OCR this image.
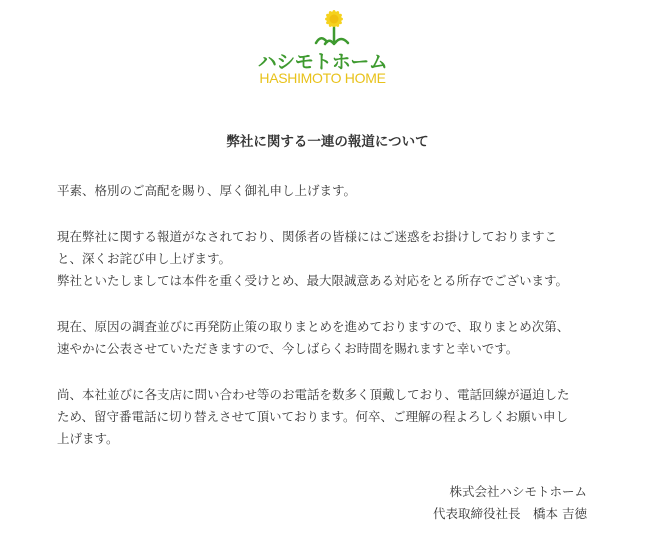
ハシモトホーム
HASHIMOTO HOME
弊社に関する一連の報道について

平素、格別のご高配を賜り、厚く御礼申し上げます。

現在弊社に関する報道がなされており、関係者の皆様にはご迷惑をお掛けしておりますこ

と、深くお詫び申し上げます。

弊社といたしましては本件を重く受けとめ、最大限誠意ある対応をとる所存でございます。

現在、原因の調査並びに再発防止策の取りまとめを進めておりますので、取りまとめ次第、

速やかに公表させていただきますので、今しばらくお時間を賜れますと幸いです。

尚、本社並びに各支店に問い合わせ等のお電話を数多く頂戴しており、電話回線が逼迫した

ため、留守番電話に切り替えさせて頂いております。何卒、ご理解の程よろしくお願い申し

上げます。

株式会社ハシモトホーム

代表取締役社長　橋本 吉徳
